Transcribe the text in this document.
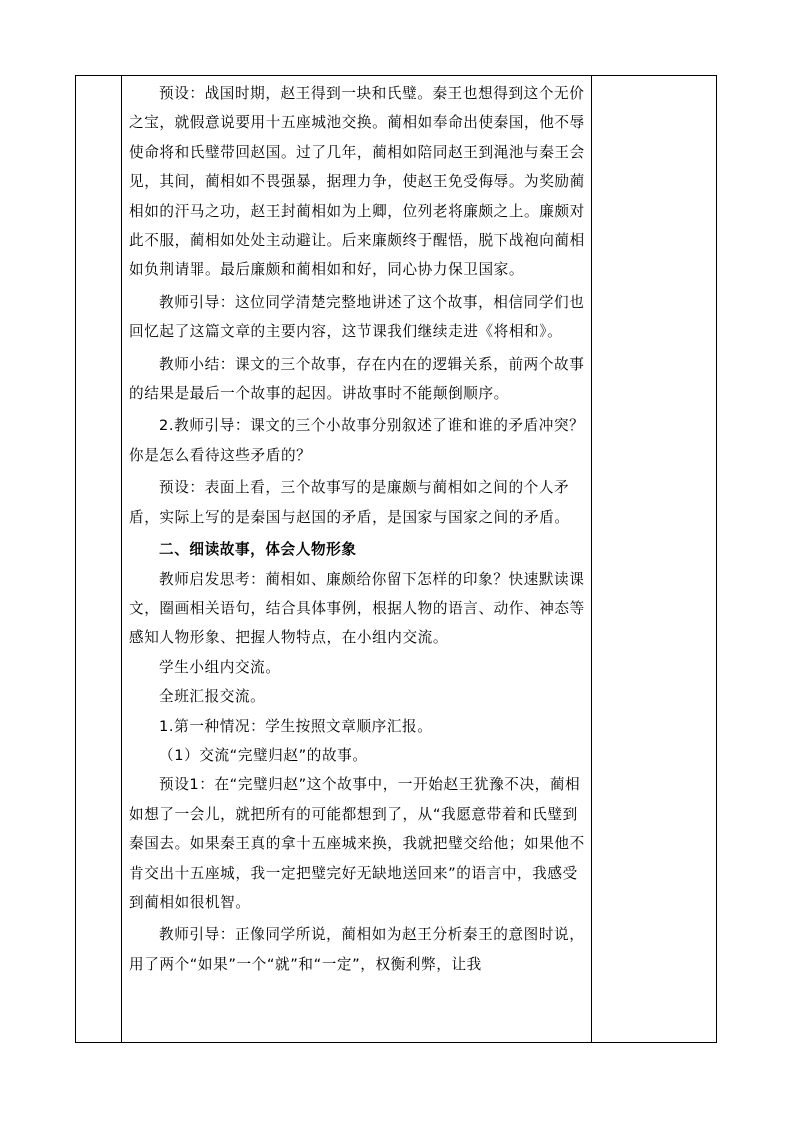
预设：战国时期，赵王得到一块和氏璧。秦王也想得到这个无价之宝，就假意说要用十五座城池交换。蔺相如奉命出使秦国，他不辱使命将和氏璧带回赵国。过了几年，蔺相如陪同赵王到渑池与秦王会见，其间，蔺相如不畏强暴，据理力争，使赵王免受侮辱。为奖励蔺相如的汗马之功，赵王封蔺相如为上卿，位列老将廉颇之上。廉颇对此不服，蔺相如处处主动避让。后来廉颇终于醒悟，脱下战袍向蔺相如负荆请罪。最后廉颇和蔺相如和好，同心协力保卫国家。

教师引导：这位同学清楚完整地讲述了这个故事，相信同学们也回忆起了这篇文章的主要内容，这节课我们继续走进《将相和》。

教师小结：课文的三个故事，存在内在的逻辑关系，前两个故事的结果是最后一个故事的起因。讲故事时不能颠倒顺序。

2.教师引导：课文的三个小故事分别叙述了谁和谁的矛盾冲突？你是怎么看待这些矛盾的？

预设：表面上看，三个故事写的是廉颇与蔺相如之间的个人矛盾，实际上写的是秦国与赵国的矛盾，是国家与国家之间的矛盾。

二、细读故事，体会人物形象

教师启发思考：蔺相如、廉颇给你留下怎样的印象？快速默读课文，圈画相关语句，结合具体事例，根据人物的语言、动作、神态等感知人物形象、把握人物特点，在小组内交流。

学生小组内交流。

全班汇报交流。

1.第一种情况：学生按照文章顺序汇报。

（1）交流“完璧归赵”的故事。

预设1：在“完璧归赵”这个故事中，一开始赵王犹豫不决，蔺相如想了一会儿，就把所有的可能都想到了，从“我愿意带着和氏璧到秦国去。如果秦王真的拿十五座城来换，我就把璧交给他；如果他不肯交出十五座城，我一定把璧完好无缺地送回来”的语言中，我感受到蔺相如很机智。

教师引导：正像同学所说，蔺相如为赵王分析秦王的意图时说，用了两个“如果”一个“就”和“一定”，权衡利弊，让我
